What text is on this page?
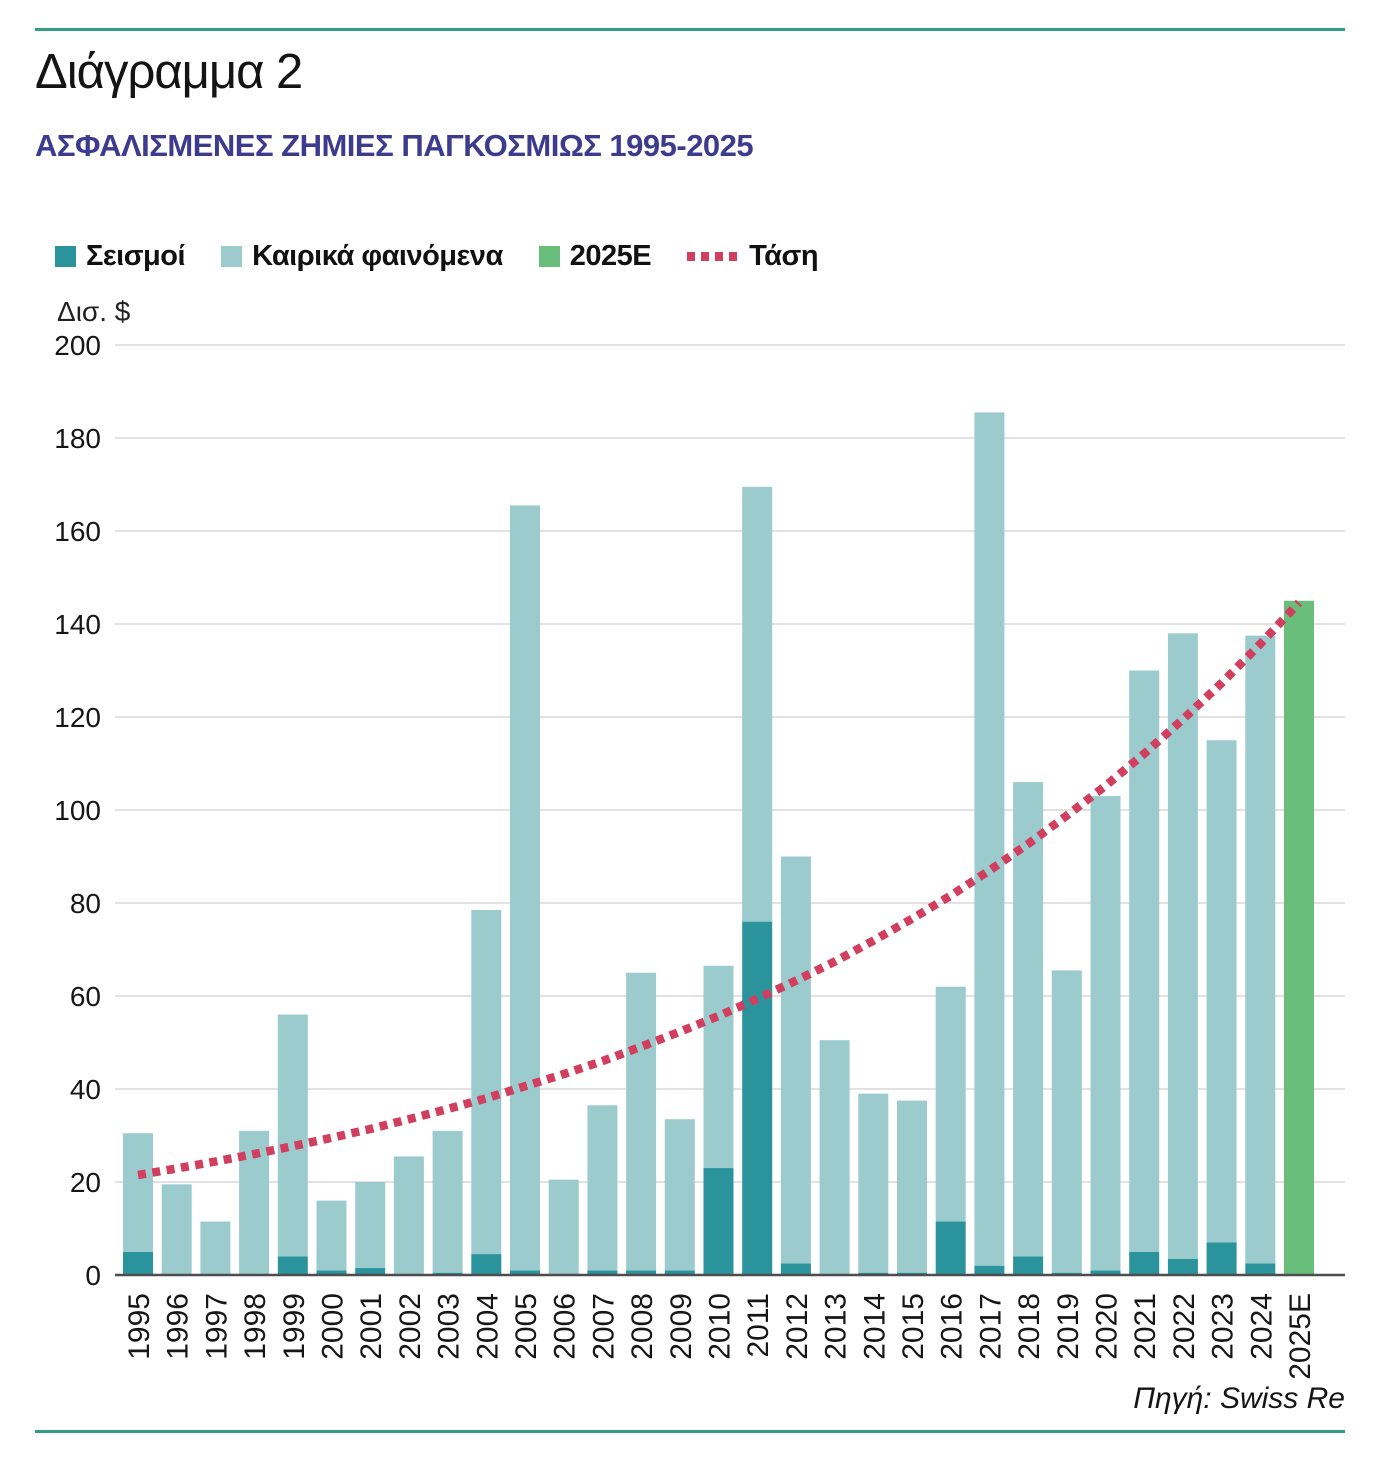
Διάγραμμα 2
ΑΣΦΑΛΙΣΜΕΝΕΣ ΖΗΜΙΕΣ ΠΑΓΚΟΣΜΙΩΣ 1995-2025
Σεισμοί Καιρικά φαινόμενα 2025E	Τάση
Δισ. $
0
20
40
60
80
100
120
140
160
180
200
1995 1996 1997 1998 1999 2000 2001 2002 2003 2004 2005 2006 2007 2008 2009 2010 2011 2012 2013 2014 2015 2016 2017 2018 2019 2020 2021 2022 2023 2024 2025E
Πηγή: Swiss Re
